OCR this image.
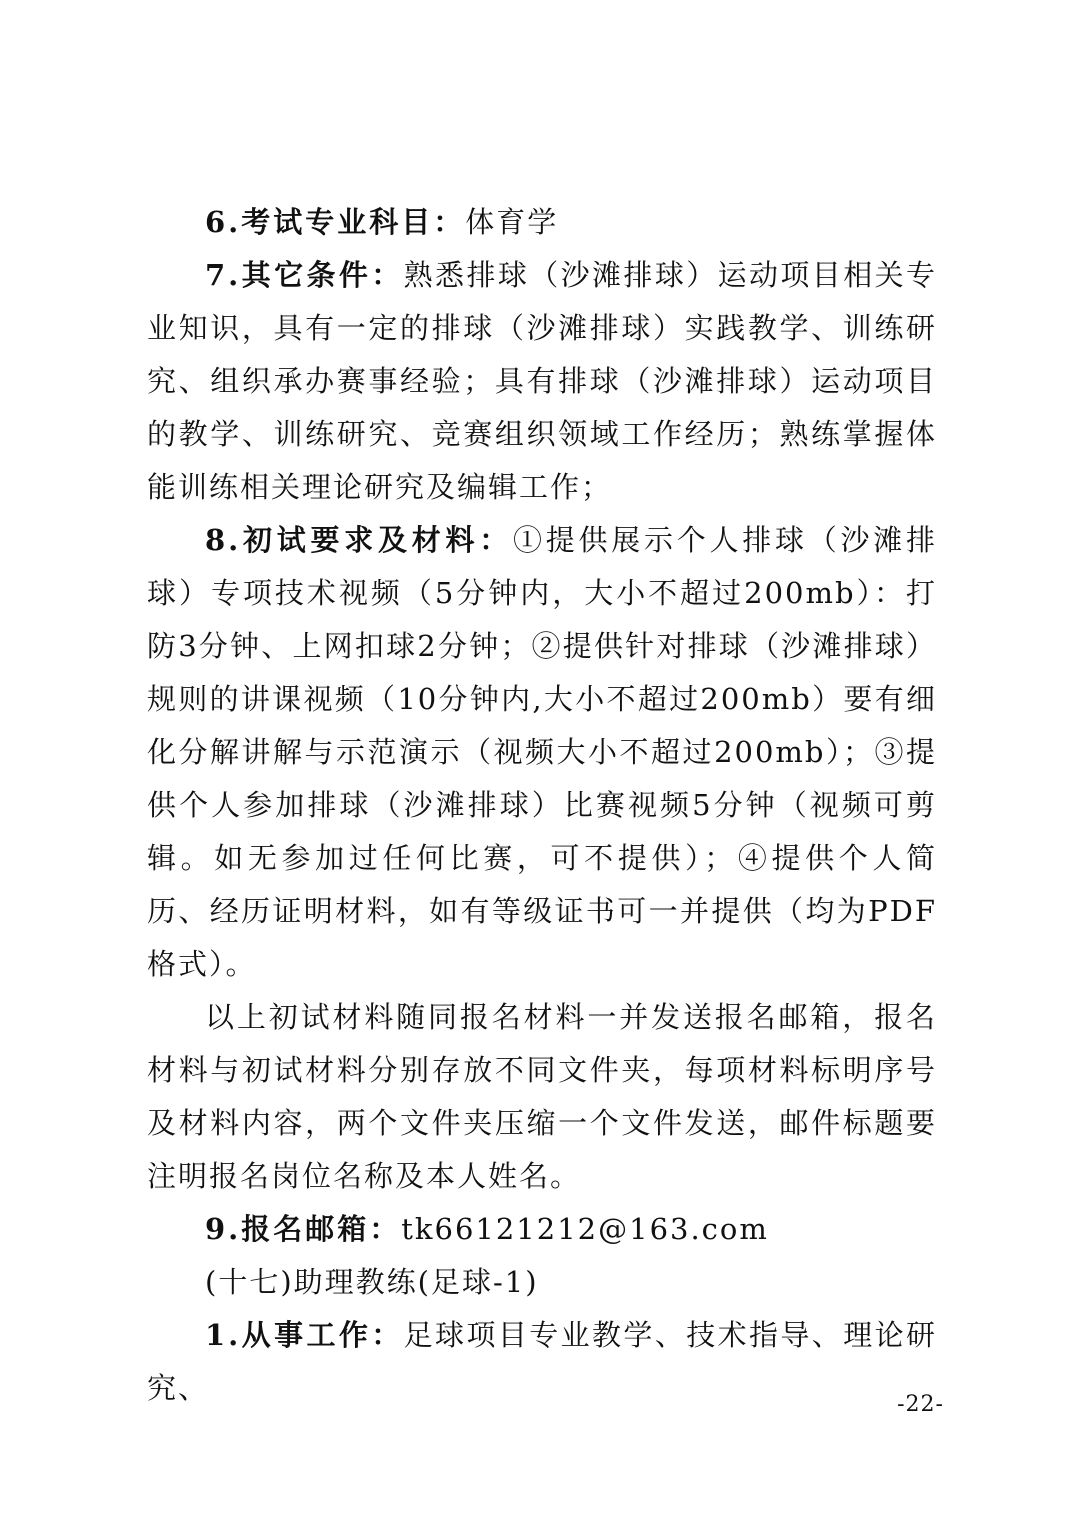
6.考试专业科目：体育学

7.其它条件：熟悉排球（沙滩排球）运动项目相关专业知识，具有一定的排球（沙滩排球）实践教学、训练研究、组织承办赛事经验；具有排球（沙滩排球）运动项目的教学、训练研究、竞赛组织领域工作经历；熟练掌握体能训练相关理论研究及编辑工作；

8.初试要求及材料：①提供展示个人排球（沙滩排球）专项技术视频（5分钟内，大小不超过200mb）：打防3分钟、上网扣球2分钟；②提供针对排球（沙滩排球）规则的讲课视频（10分钟内,大小不超过200mb）要有细化分解讲解与示范演示（视频大小不超过200mb）；③提供个人参加排球（沙滩排球）比赛视频5分钟（视频可剪辑。如无参加过任何比赛，可不提供）；④提供个人简历、经历证明材料，如有等级证书可一并提供（均为PDF格式）。

以上初试材料随同报名材料一并发送报名邮箱，报名材料与初试材料分别存放不同文件夹，每项材料标明序号及材料内容，两个文件夹压缩一个文件发送，邮件标题要注明报名岗位名称及本人姓名。

9.报名邮箱：tk66121212@163.com

(十七)助理教练(足球-1)

1.从事工作：足球项目专业教学、技术指导、理论研究、	-22-
